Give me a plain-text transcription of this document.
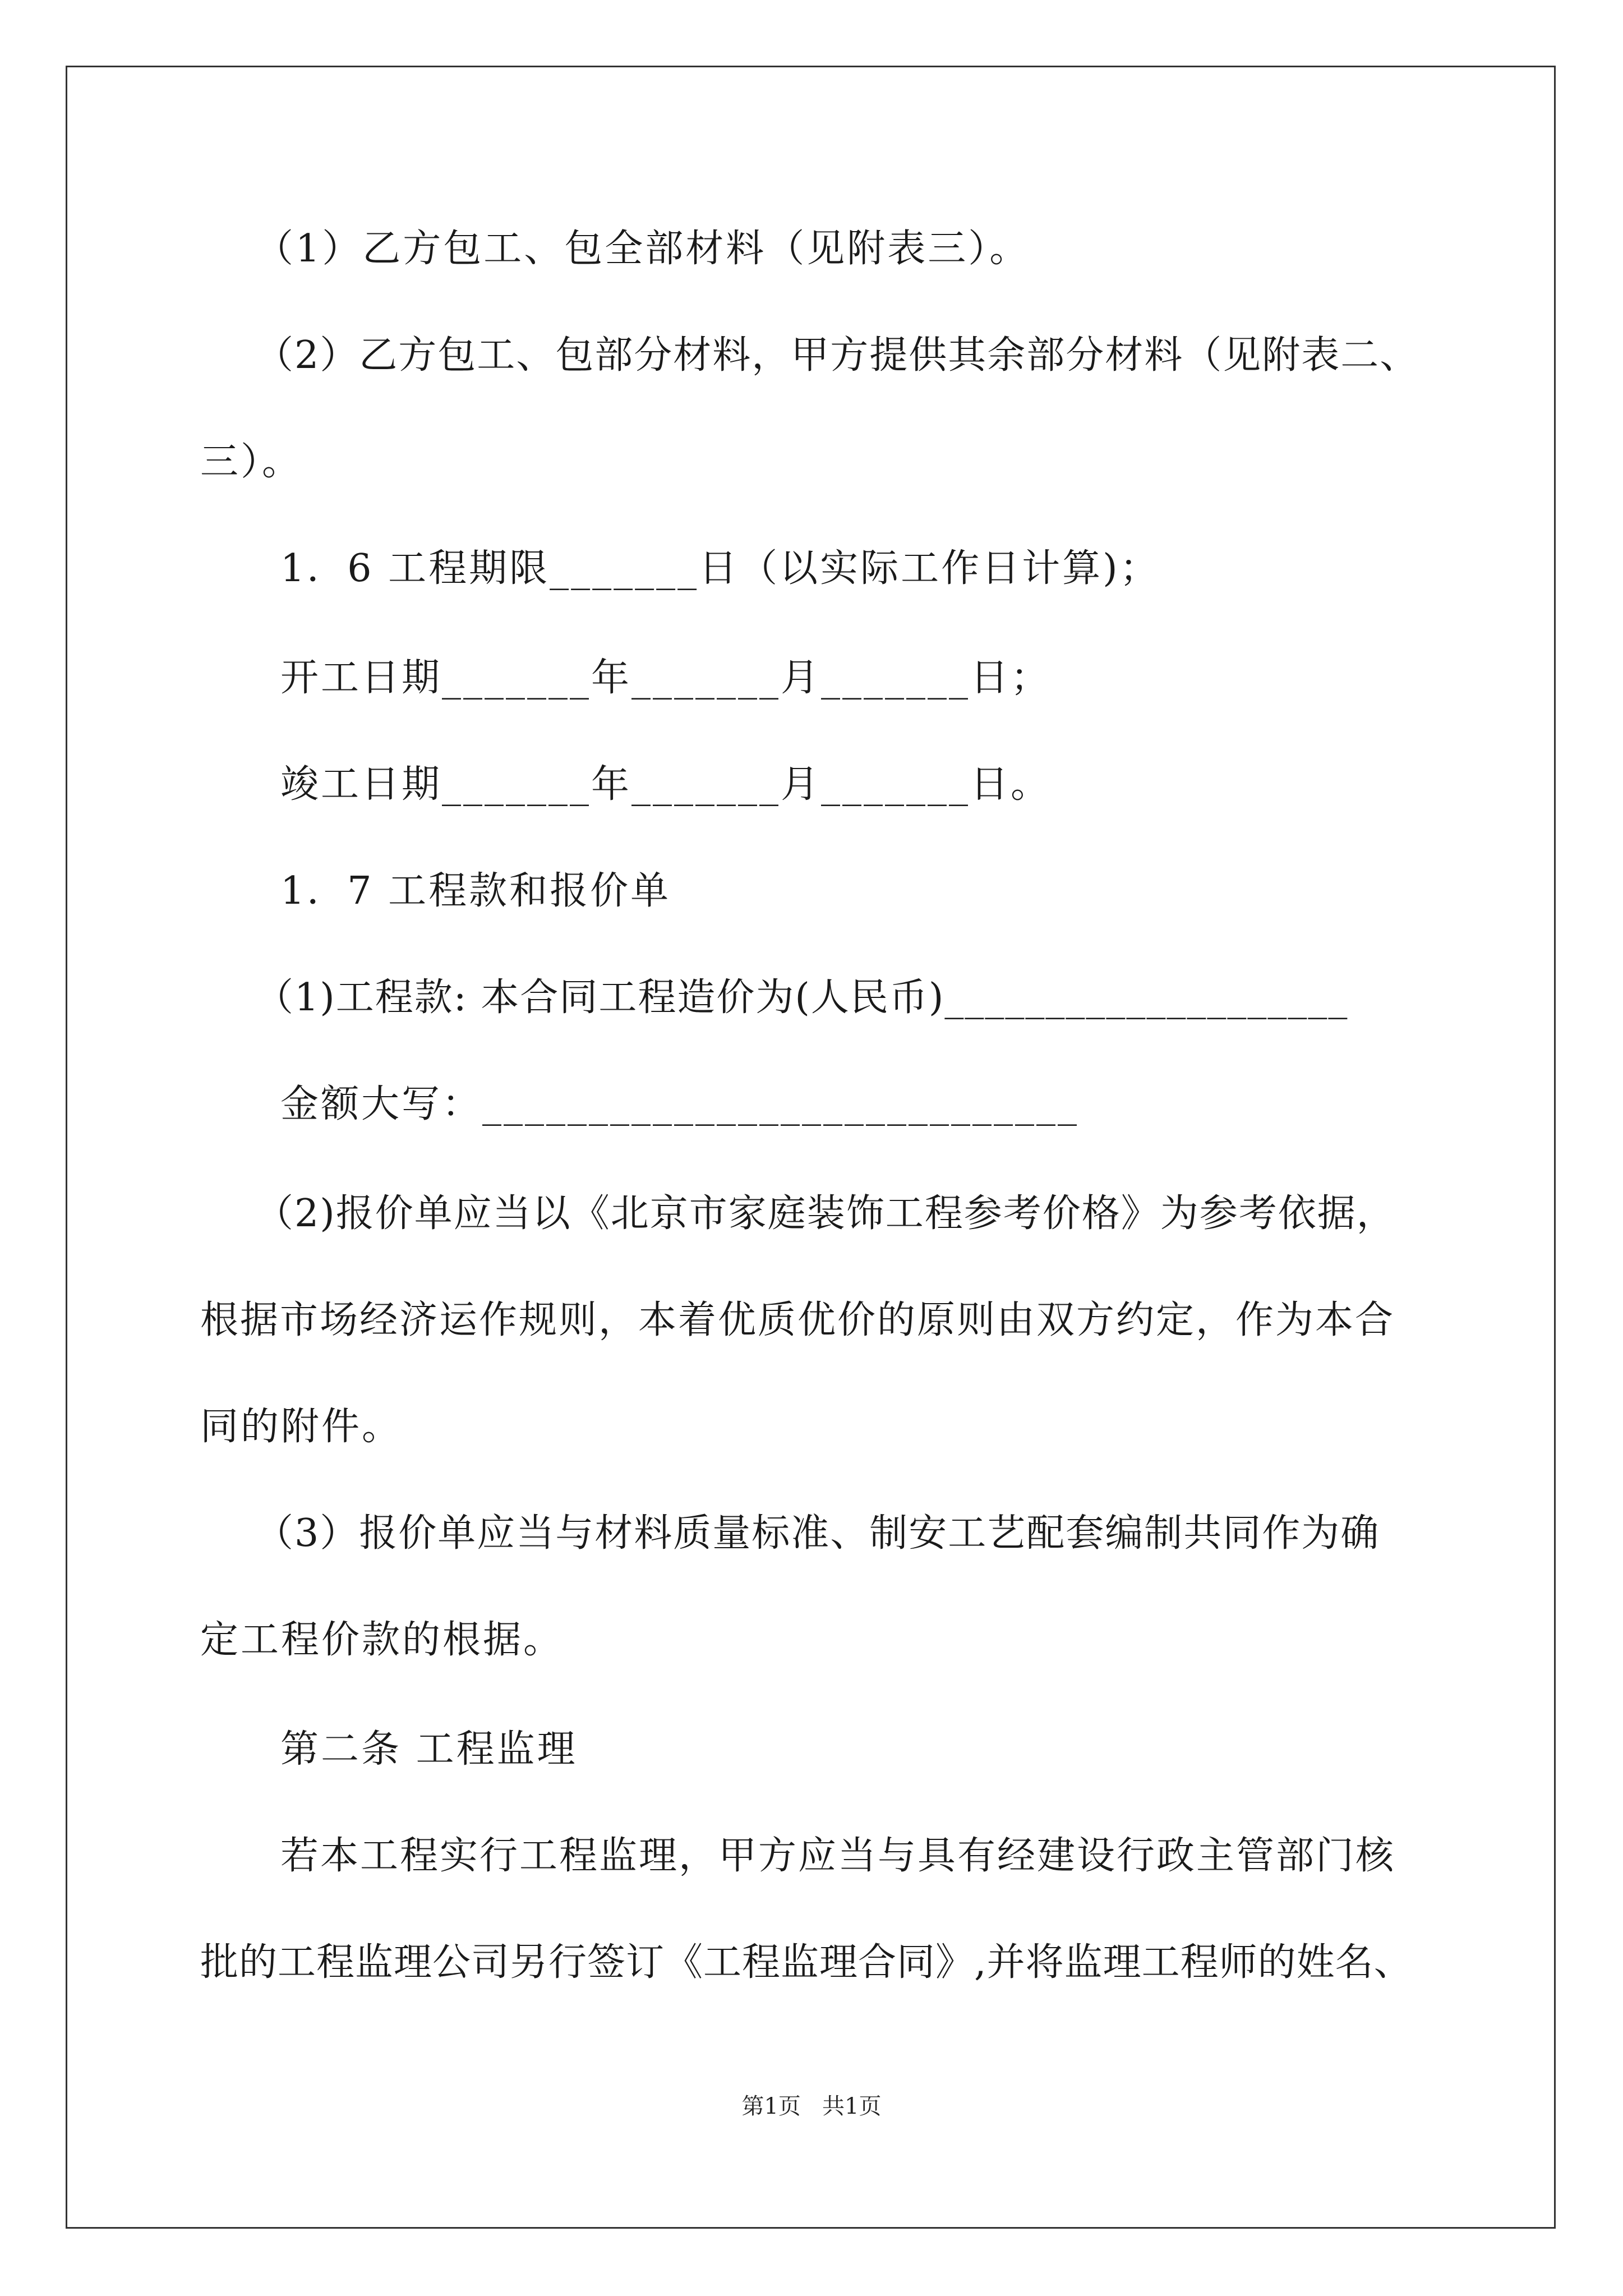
（1）乙方包工、包全部材料（见附表三）。
（2）乙方包工、包部分材料，甲方提供其余部分材料（见附表二、
三）。
1．6 工程期限_______日（以实际工作日计算)；
开工日期_______年_______月_______日；
竣工日期_______年_______月_______日。
1．7 工程款和报价单
（1)工程款: 本合同工程造价为(人民币)____________________
金额大写：____________________________
（2)报价单应当以《北京市家庭装饰工程参考价格》为参考依据，
根据市场经济运作规则，本着优质优价的原则由双方约定，作为本合
同的附件。
（3）报价单应当与材料质量标准、制安工艺配套编制共同作为确
定工程价款的根据。
第二条 工程监理
若本工程实行工程监理，甲方应当与具有经建设行政主管部门核
批的工程监理公司另行签订《工程监理合同》,并将监理工程师的姓名、
第1页   共1页
